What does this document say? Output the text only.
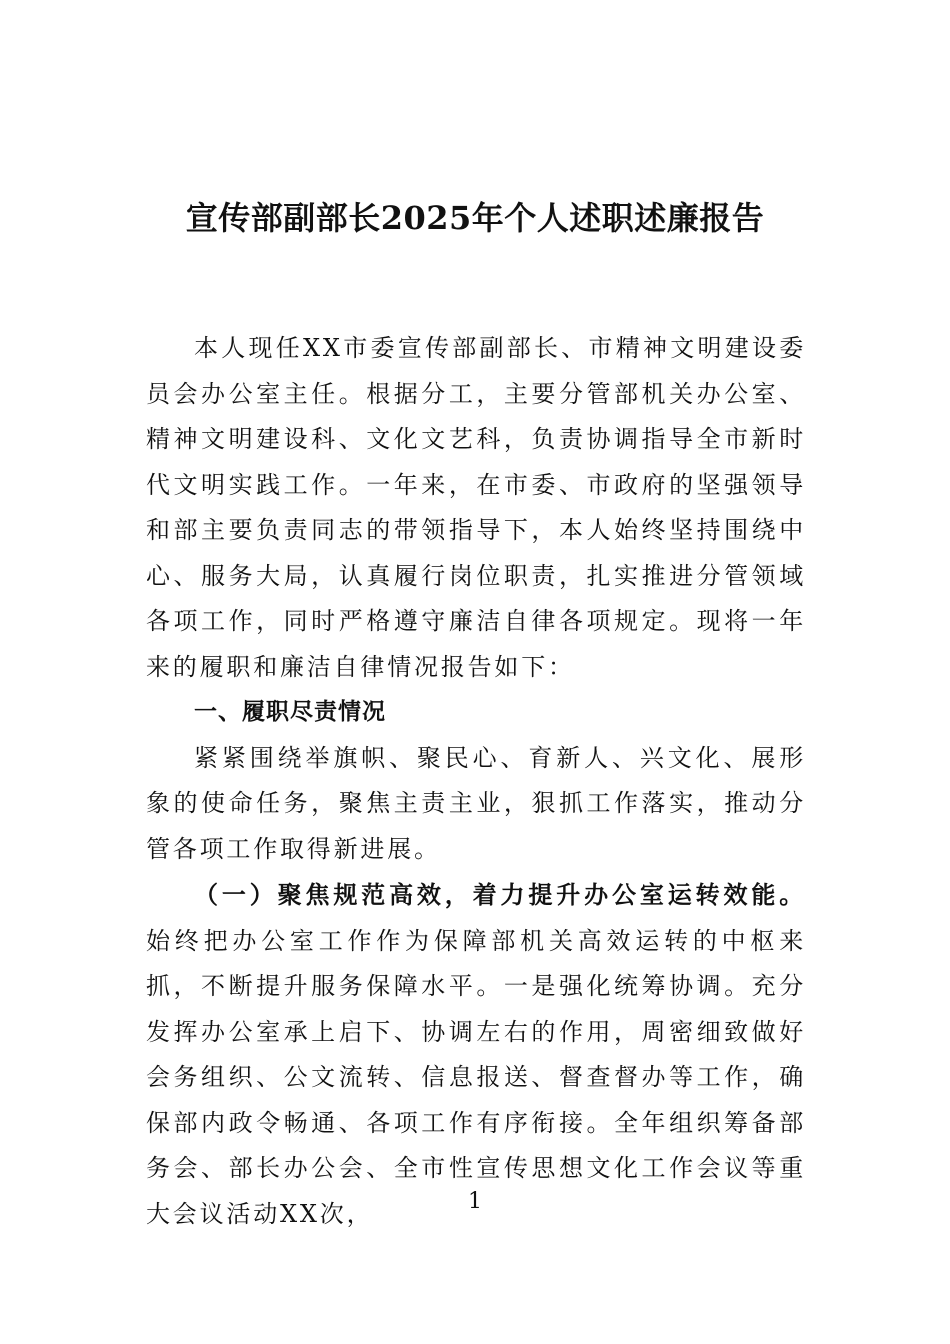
宣传部副部长2025年个人述职述廉报告

本人现任XX市委宣传部副部长、市精神文明建设委员会办公室主任。根据分工，主要分管部机关办公室、精神文明建设科、文化文艺科，负责协调指导全市新时代文明实践工作。一年来，在市委、市政府的坚强领导和部主要负责同志的带领指导下，本人始终坚持围绕中心、服务大局，认真履行岗位职责，扎实推进分管领域各项工作，同时严格遵守廉洁自律各项规定。现将一年来的履职和廉洁自律情况报告如下：

一、履职尽责情况

紧紧围绕举旗帜、聚民心、育新人、兴文化、展形象的使命任务，聚焦主责主业，狠抓工作落实，推动分管各项工作取得新进展。

（一）聚焦规范高效，着力提升办公室运转效能。始终把办公室工作作为保障部机关高效运转的中枢来抓，不断提升服务保障水平。一是强化统筹协调。充分发挥办公室承上启下、协调左右的作用，周密细致做好会务组织、公文流转、信息报送、督查督办等工作，确保部内政令畅通、各项工作有序衔接。全年组织筹备部务会、部长办公会、全市性宣传思想文化工作会议等重大会议活动XX次，	1
